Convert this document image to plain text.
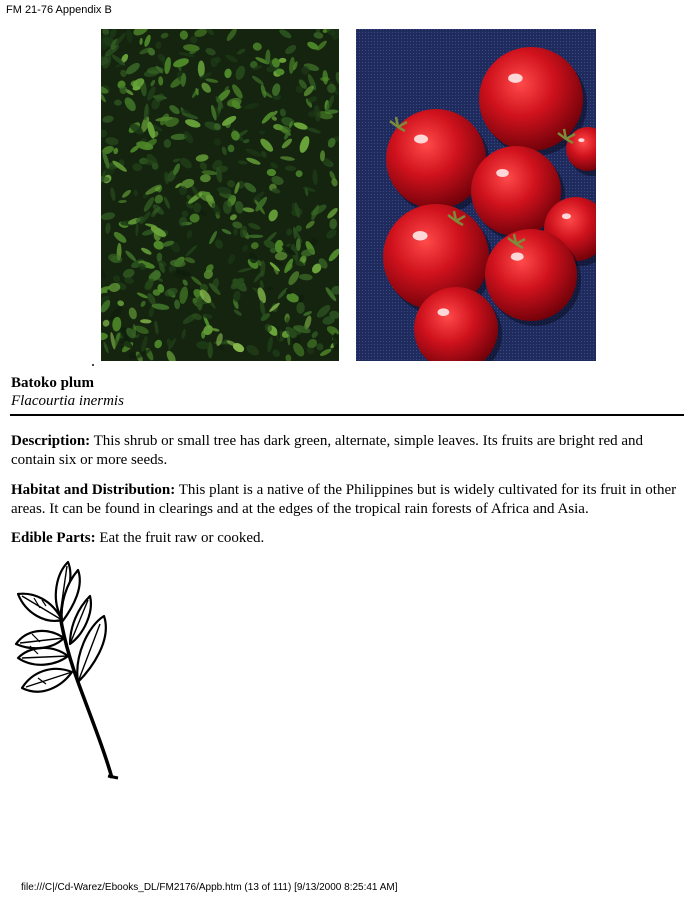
FM 21-76 Appendix B
Batoko plum
Flacourtia inermis

Description: This shrub or small tree has dark green, alternate, simple leaves. Its fruits are bright red and contain six or more seeds.

Habitat and Distribution: This plant is a native of the Philippines but is widely cultivated for its fruit in other areas. It can be found in clearings and at the edges of the tropical rain forests of Africa and Asia.

Edible Parts: Eat the fruit raw or cooked.

file:///C|/Cd-Warez/Ebooks_DL/FM2176/Appb.htm (13 of 111) [9/13/2000 8:25:41 AM]
